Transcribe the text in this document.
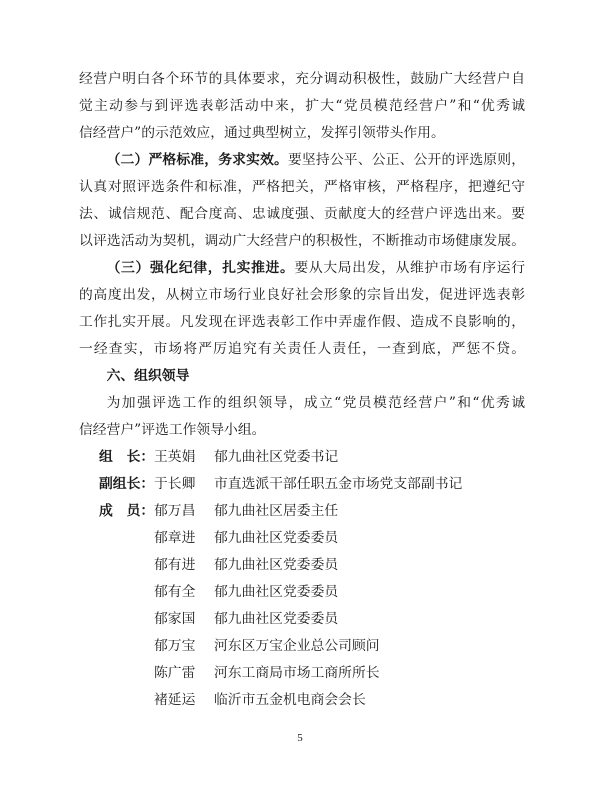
经营户明白各个环节的具体要求，充分调动积极性，鼓励广大经营户自
觉主动参与到评选表彰活动中来，扩大“党员模范经营户”和“优秀诚
信经营户”的示范效应，通过典型树立，发挥引领带头作用。
（二）严格标准，务求实效。要坚持公平、公正、公开的评选原则，
认真对照评选条件和标准，严格把关，严格审核，严格程序，把遵纪守
法、诚信规范、配合度高、忠诚度强、贡献度大的经营户评选出来。要
以评选活动为契机，调动广大经营户的积极性，不断推动市场健康发展。
（三）强化纪律，扎实推进。要从大局出发，从维护市场有序运行
的高度出发，从树立市场行业良好社会形象的宗旨出发，促进评选表彰
工作扎实开展。凡发现在评选表彰工作中弄虚作假、造成不良影响的，
一经查实，市场将严厉追究有关责任人责任，一查到底，严惩不贷。
六、组织领导
为加强评选工作的组织领导，成立“党员模范经营户”和“优秀诚
信经营户”评选工作领导小组。
组　长： 王英娟	郁九曲社区党委书记
副组长： 于长卿	市直选派干部任职五金市场党支部副书记
成　员： 郁万昌	郁九曲社区居委主任
郁章进	郁九曲社区党委委员
郁有进	郁九曲社区党委委员
郁有全	郁九曲社区党委委员
郁家国	郁九曲社区党委委员
郁万宝	河东区万宝企业总公司顾问
陈广雷	河东工商局市场工商所所长
褚延运	临沂市五金机电商会会长
5
